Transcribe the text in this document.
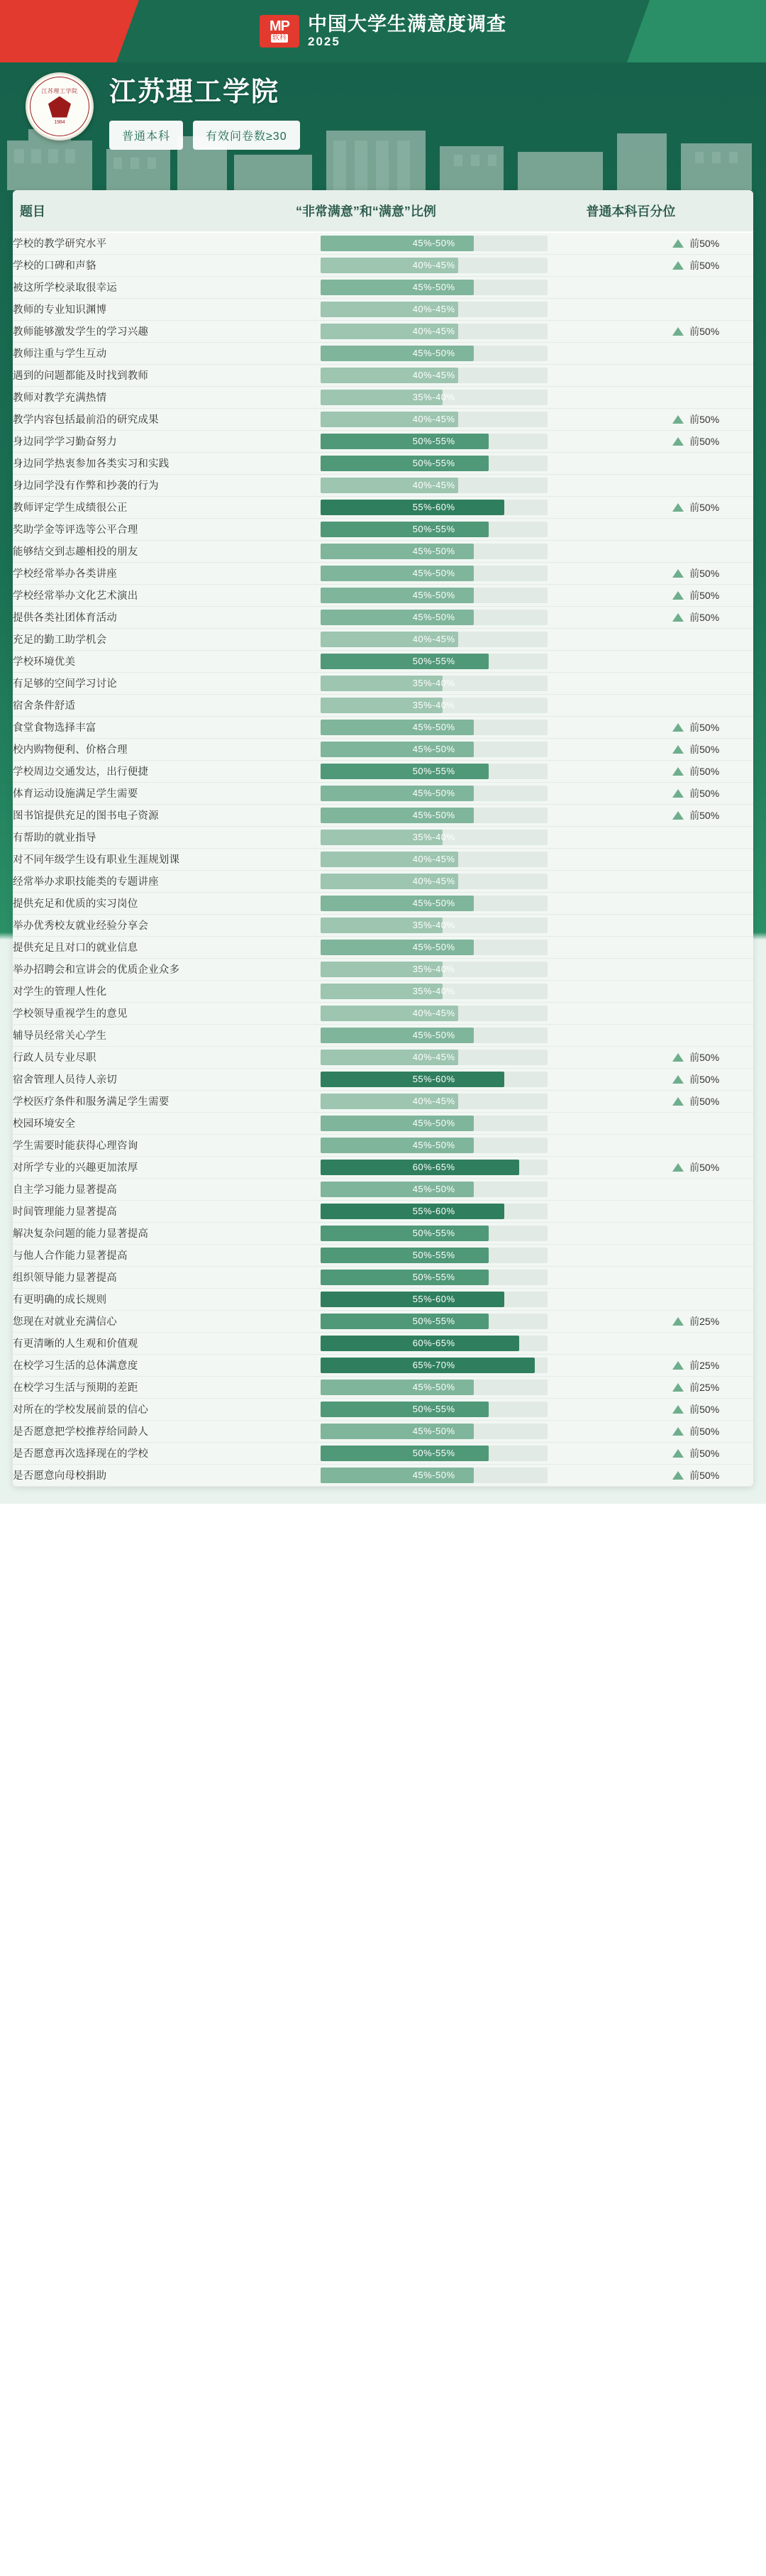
MP
软科
中国大学生满意度调查
2025
江苏理工学院
1984
江苏理工学院
普通本科	有效问卷数≥30
题目	“非常满意”和“满意”比例	普通本科百分位
学校的教学研究水平	45%-50%	前50%

学校的口碑和声貉	40%-45%	前50%

被这所学校录取很幸运	45%-50%	

教师的专业知识渊博	40%-45%	

教师能够激发学生的学习兴趣	40%-45%	前50%

教师注重与学生互动	45%-50%	

遇到的问题都能及时找到教师	40%-45%	

教师对教学充满热情	35%-40%	

教学内容包括最前沿的研究成果	40%-45%	前50%

身边同学学习勤奋努力	50%-55%	前50%

身边同学热衷参加各类实习和实践	50%-55%	

身边同学没有作弊和抄袭的行为	40%-45%	

教师评定学生成绩很公正	55%-60%	前50%

奖助学金等评选等公平合理	50%-55%	

能够结交到志趣相投的朋友	45%-50%	

学校经常举办各类讲座	45%-50%	前50%

学校经常举办文化艺术演出	45%-50%	前50%

提供各类社团体育活动	45%-50%	前50%

充足的勤工助学机会	40%-45%	

学校环境优美	50%-55%	

有足够的空间学习讨论	35%-40%	

宿舍条件舒适	35%-40%	

食堂食物选择丰富	45%-50%	前50%

校内购物便利、价格合理	45%-50%	前50%

学校周边交通发达，出行便捷	50%-55%	前50%

体育运动设施满足学生需要	45%-50%	前50%

图书馆提供充足的图书电子资源	45%-50%	前50%

有帮助的就业指导	35%-40%	

对不同年级学生设有职业生涯规划课	40%-45%	

经常举办求职技能类的专题讲座	40%-45%	

提供充足和优质的实习岗位	45%-50%	

举办优秀校友就业经验分享会	35%-40%	

提供充足且对口的就业信息	45%-50%	

举办招聘会和宣讲会的优质企业众多	35%-40%	

对学生的管理人性化	35%-40%	

学校领导重视学生的意见	40%-45%	

辅导员经常关心学生	45%-50%	

行政人员专业尽职	40%-45%	前50%

宿舍管理人员待人亲切	55%-60%	前50%

学校医疗条件和服务满足学生需要	40%-45%	前50%

校园环境安全	45%-50%	

学生需要时能获得心理咨询	45%-50%	

对所学专业的兴趣更加浓厚	60%-65%	前50%

自主学习能力显著提高	45%-50%	

时间管理能力显著提高	55%-60%	

解决复杂问题的能力显著提高	50%-55%	

与他人合作能力显著提高	50%-55%	

组织领导能力显著提高	50%-55%	

有更明确的成长规则	55%-60%	

您现在对就业充满信心	50%-55%	前25%

有更清晰的人生观和价值观	60%-65%	

在校学习生活的总体满意度	65%-70%	前25%

在校学习生活与预期的差距	45%-50%	前25%

对所在的学校发展前景的信心	50%-55%	前50%

是否愿意把学校推荐给同龄人	45%-50%	前50%

是否愿意再次选择现在的学校	50%-55%	前50%

是否愿意向母校捐助	45%-50%	前50%
